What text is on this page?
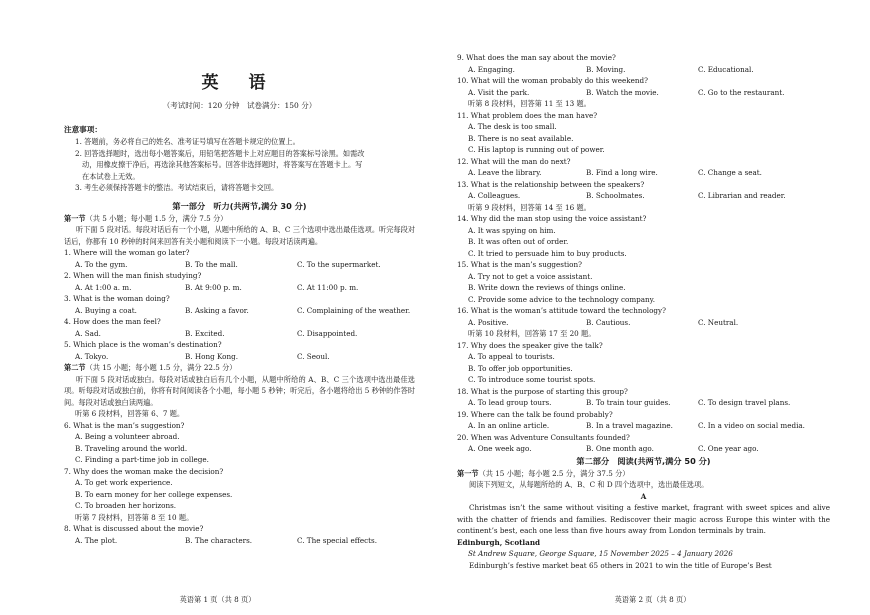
英 语
（考试时间：120 分钟　试卷满分：150 分）
注意事项：
1. 答题前，务必将自己的姓名、准考证号填写在答题卡规定的位置上。
2. 回答选择题时，选出每小题答案后，用铅笔把答题卡上对应题目的答案标号涂黑。如需改
动，用橡皮擦干净后，再选涂其他答案标号。回答非选择题时，将答案写在答题卡上。写
在本试卷上无效。
3. 考生必须保持答题卡的整洁。考试结束后，请将答题卡交回。
第一部分　听力(共两节,满分 30 分)
第一节（共 5 小题；每小题 1.5 分，满分 7.5 分）
听下面 5 段对话。每段对话后有一个小题，从题中所给的 A、B、C 三个选项中选出最佳选项。听完每段对话后，你都有 10 秒钟的时间来回答有关小题和阅读下一小题。每段对话读两遍。
1. Where will the woman go later?
A. To the gym.	B. To the mall.	C. To the supermarket.
2. When will the man finish studying?
A. At 1:00 a. m.	B. At 9:00 p. m.	C. At 11:00 p. m.
3. What is the woman doing?
A. Buying a coat.	B. Asking a favor.	C. Complaining of the weather.
4. How does the man feel?
A. Sad.	B. Excited.	C. Disappointed.
5. Which place is the woman’s destination?
A. Tokyo.	B. Hong Kong.	C. Seoul.
第二节（共 15 小题；每小题 1.5 分，满分 22.5 分）
听下面 5 段对话或独白。每段对话或独白后有几个小题，从题中所给的 A、B、C 三个选项中选出最佳选项。听每段对话或独白前，你将有时间阅读各个小题，每小题 5 秒钟；听完后，各小题将给出 5 秒钟的作答时间。每段对话或独白读两遍。
听第 6 段材料，回答第 6、7 题。
6. What is the man’s suggestion?
A. Being a volunteer abroad.
B. Traveling around the world.
C. Finding a part-time job in college.
7. Why does the woman make the decision?
A. To get work experience.
B. To earn money for her college expenses.
C. To broaden her horizons.
听第 7 段材料，回答第 8 至 10 题。
8. What is discussed about the movie?
A. The plot.	B. The characters.	C. The special effects.
英语第 1 页（共 8 页）
9. What does the man say about the movie?
A. Engaging.	B. Moving.	C. Educational.
10. What will the woman probably do this weekend?
A. Visit the park.	B. Watch the movie.	C. Go to the restaurant.
听第 8 段材料，回答第 11 至 13 题。
11. What problem does the man have?
A. The desk is too small.
B. There is no seat available.
C. His laptop is running out of power.
12. What will the man do next?
A. Leave the library.	B. Find a long wire.	C. Change a seat.
13. What is the relationship between the speakers?
A. Colleagues.	B. Schoolmates.	C. Librarian and reader.
听第 9 段材料，回答第 14 至 16 题。
14. Why did the man stop using the voice assistant?
A. It was spying on him.
B. It was often out of order.
C. It tried to persuade him to buy products.
15. What is the man’s suggestion?
A. Try not to get a voice assistant.
B. Write down the reviews of things online.
C. Provide some advice to the technology company.
16. What is the woman’s attitude toward the technology?
A. Positive.	B. Cautious.	C. Neutral.
听第 10 段材料，回答第 17 至 20 题。
17. Why does the speaker give the talk?
A. To appeal to tourists.
B. To offer job opportunities.
C. To introduce some tourist spots.
18. What is the purpose of starting this group?
A. To lead group tours.	B. To train tour guides.	C. To design travel plans.
19. Where can the talk be found probably?
A. In an online article.	B. In a travel magazine.	C. In a video on social media.
20. When was Adventure Consultants founded?
A. One week ago.	B. One month ago.	C. One year ago.
第二部分　阅读(共两节,满分 50 分)
第一节（共 15 小题；每小题 2.5 分，满分 37.5 分）
阅读下列短文，从每题所给的 A、B、C 和 D 四个选项中，选出最佳选项。
A
Christmas isn’t the same without visiting a festive market, fragrant with sweet spices and alive with the chatter of friends and families. Rediscover their magic across Europe this winter with the continent’s best, each one less than five hours away from London terminals by train.
Edinburgh, Scotland
St Andrew Square, George Square, 15 November 2025 – 4 January 2026
Edinburgh’s festive market beat 65 others in 2021 to win the title of Europe’s Best
英语第 2 页（共 8 页）
